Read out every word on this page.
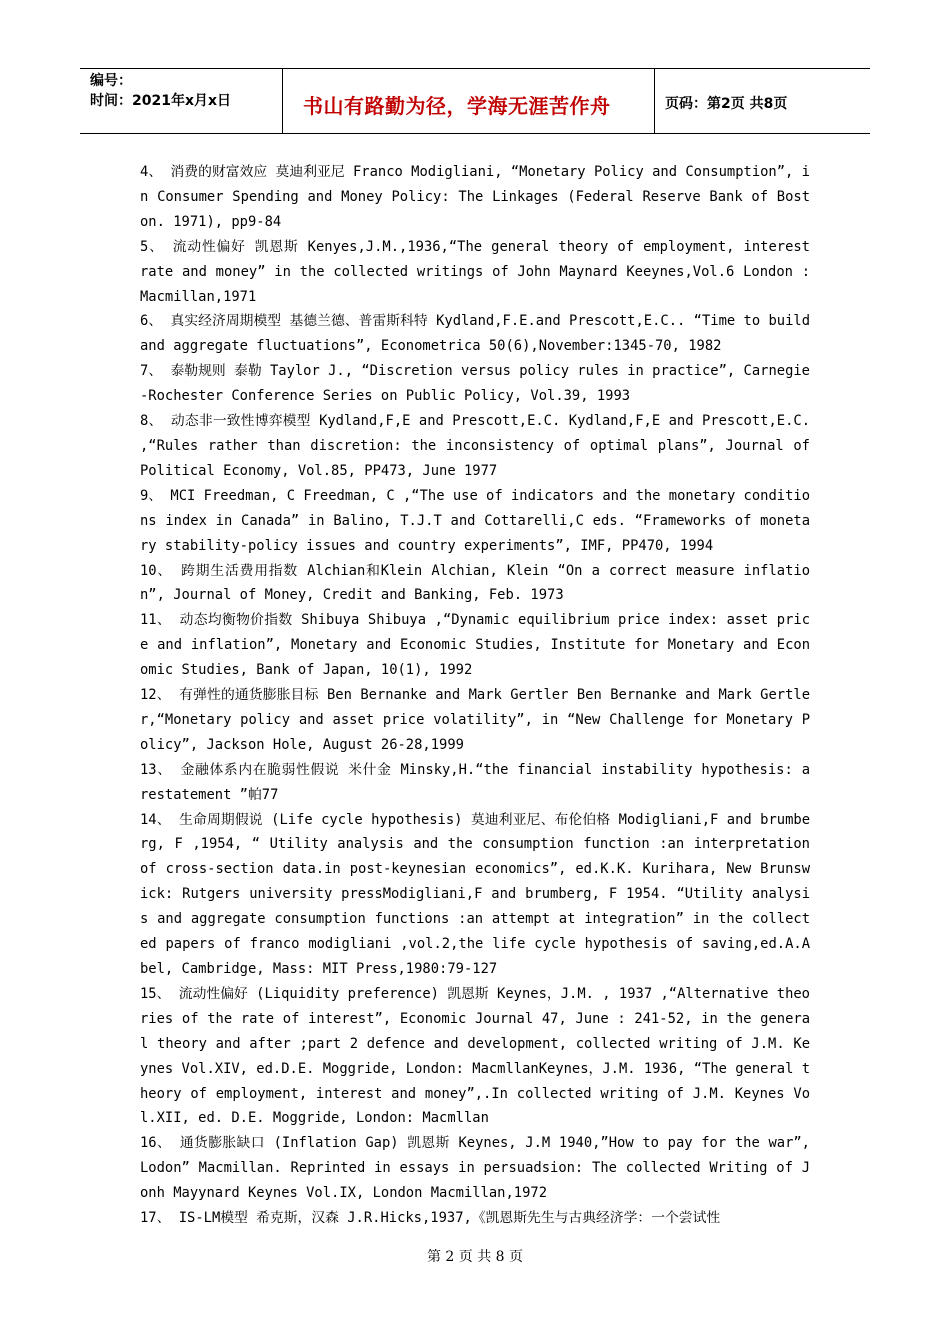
编号：
时间：2021年x月x日	书山有路勤为径，学海无涯苦作舟	页码：第2页 共8页
4、 消费的财富效应 莫迪利亚尼 Franco Modigliani, “Monetary Policy and Consumption”, in Consumer Spending and Money Policy: The Linkages (Federal Reserve Bank of Boston. 1971), pp9-84
5、 流动性偏好 凯恩斯 Kenyes,J.M.,1936,“The general theory of employment, interest rate and money” in the collected writings of John Maynard Keeynes,Vol.6 London :Macmillan,1971
6、 真实经济周期模型 基德兰德、普雷斯科特 Kydland,F.E.and Prescott,E.C.. “Time to build and aggregate fluctuations”, Econometrica 50(6),November:1345-70, 1982
7、 泰勒规则 泰勒 Taylor J., “Discretion versus policy rules in practice”, Carnegie-Rochester Conference Series on Public Policy, Vol.39, 1993
8、 动态非一致性博弈模型 Kydland,F,E and Prescott,E.C. Kydland,F,E and Prescott,E.C. ,“Rules rather than discretion: the inconsistency of optimal plans”, Journal of Political Economy, Vol.85, PP473, June 1977
9、 MCI Freedman, C Freedman, C ,“The use of indicators and the monetary conditions index in Canada” in Balino, T.J.T and Cottarelli,C eds. “Frameworks of monetary stability-policy issues and country experiments”, IMF, PP470, 1994
10、 跨期生活费用指数 Alchian和Klein Alchian, Klein “On a correct measure inflation”, Journal of Money, Credit and Banking, Feb. 1973
11、 动态均衡物价指数 Shibuya Shibuya ,“Dynamic equilibrium price index: asset price and inflation”, Monetary and Economic Studies, Institute for Monetary and Economic Studies, Bank of Japan, 10(1), 1992
12、 有弹性的通货膨胀目标 Ben Bernanke and Mark Gertler Ben Bernanke and Mark Gertler,“Monetary policy and asset price volatility”, in “New Challenge for Monetary Policy”, Jackson Hole, August 26-28,1999
13、 金融体系内在脆弱性假说 米什金 Minsky,H.“the financial instability hypothesis: a restatement ”帕77
14、 生命周期假说 (Life cycle hypothesis) 莫迪利亚尼、布伦伯格 Modigliani,F and brumberg, F ,1954, “ Utility analysis and the consumption function :an interpretation of cross-section data.in post-keynesian economics”, ed.K.K. Kurihara, New Brunswick: Rutgers university pressModigliani,F and brumberg, F 1954. “Utility analysis and aggregate consumption functions :an attempt at integration” in the collected papers of franco modigliani ,vol.2,the life cycle hypothesis of saving,ed.A.Abel, Cambridge, Mass: MIT Press,1980:79-127
15、 流动性偏好 (Liquidity preference) 凯恩斯 Keynes，J.M. , 1937 ,“Alternative theories of the rate of interest”, Economic Journal 47, June : 241-52, in the general theory and after ;part 2 defence and development, collected writing of J.M. Keynes Vol.XIV, ed.D.E. Moggride, London: MacmllanKeynes，J.M. 1936, “The general theory of employment, interest and money”,.In collected writing of J.M. Keynes Vol.XII, ed. D.E. Moggride, London: Macmllan
16、 通货膨胀缺口 (Inflation Gap) 凯恩斯 Keynes, J.M 1940,”How to pay for the war”, Lodon” Macmillan. Reprinted in essays in persuadsion: The collected Writing of Jonh Mayynard Keynes Vol.IX, London Macmillan,1972
17、 IS-LM模型 希克斯，汉森 J.R.Hicks,1937,《凯恩斯先生与古典经济学：一个尝试性
第 2 页 共 8 页
